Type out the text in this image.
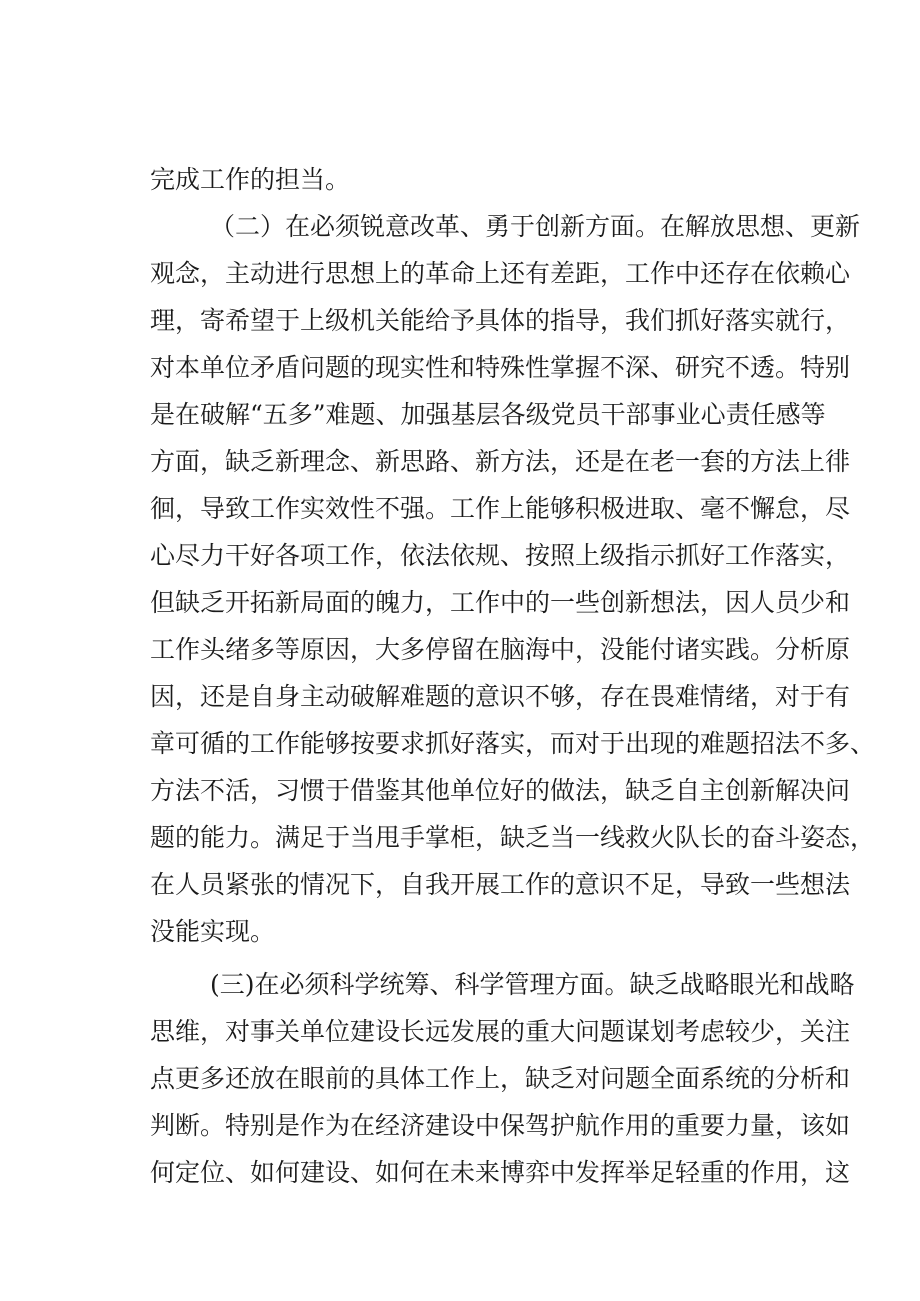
完成工作的担当。
（二）在必须锐意改革、勇于创新方面。在解放思想、更新
观念，主动进行思想上的革命上还有差距，工作中还存在依赖心
理，寄希望于上级机关能给予具体的指导，我们抓好落实就行，
对本单位矛盾问题的现实性和特殊性掌握不深、研究不透。特别
是在破解“五多”难题、加强基层各级党员干部事业心责任感等
方面，缺乏新理念、新思路、新方法，还是在老一套的方法上徘
徊，导致工作实效性不强。工作上能够积极进取、毫不懈怠，尽
心尽力干好各项工作，依法依规、按照上级指示抓好工作落实，
但缺乏开拓新局面的魄力，工作中的一些创新想法，因人员少和
工作头绪多等原因，大多停留在脑海中，没能付诸实践。分析原
因，还是自身主动破解难题的意识不够，存在畏难情绪，对于有
章可循的工作能够按要求抓好落实，而对于出现的难题招法不多、
方法不活，习惯于借鉴其他单位好的做法，缺乏自主创新解决问
题的能力。满足于当甩手掌柜，缺乏当一线救火队长的奋斗姿态，
在人员紧张的情况下，自我开展工作的意识不足，导致一些想法
没能实现。
(三)在必须科学统筹、科学管理方面。缺乏战略眼光和战略
思维，对事关单位建设长远发展的重大问题谋划考虑较少，关注
点更多还放在眼前的具体工作上，缺乏对问题全面系统的分析和
判断。特别是作为在经济建设中保驾护航作用的重要力量，该如
何定位、如何建设、如何在未来博弈中发挥举足轻重的作用，这
